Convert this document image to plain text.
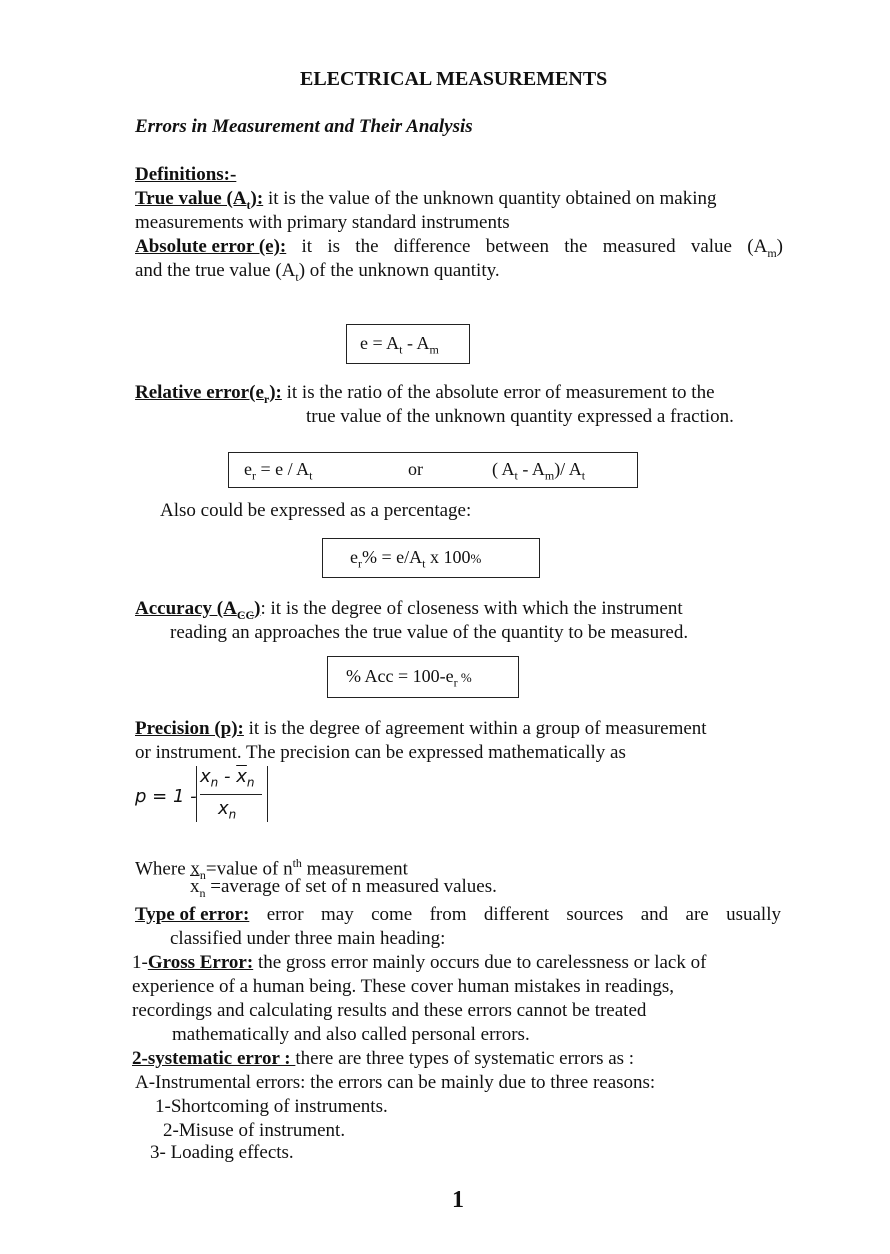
ELECTRICAL MEASUREMENTS
Errors in Measurement and Their Analysis
Definitions:-
True value $(A_t)$: it is the value of the unknown quantity obtained on making
measurements with primary standard instruments
Absolute error (e): it is the difference between the measured value $(A_m)$
and the true value $(A_t)$ of the unknown quantity.
$e = A_t - A_m$
Relative $error(e_r)$: it is the ratio of the absolute error of measurement to the
true value of the unknown quantity expressed a fraction.
$e_r = e / A_t$	or	( $A_t - A_m)/$ $A_t$
Also could be expressed as a percentage:
$e_r\% = e/A_t$ x 100%
Accuracy $(A_{CC})$: it is the degree of closeness with which the instrument
reading an approaches the true value of the quantity to be measured.
% Acc = $100-e_r$ %
Precision (p): it is the degree of agreement within a group of measurement
or instrument. The precision can be expressed mathematically as
p = 1 -
$x_n - \overline{x}_n$
$x_n$
Where $x_n=value$ of $n^{th}$ measurement
$\overline{x}_n$ =average of set of n measured values.
Type of error: error may come from different sources and are usually
classified under three main heading:
1-Gross Error: the gross error mainly occurs due to carelessness or lack of
experience of a human being. These cover human mistakes in readings,
recordings and calculating results and these errors cannot be treated
mathematically and also called personal errors.
2-systematic error : there are three types of systematic errors as :
A-Instrumental errors: the errors can be mainly due to three reasons:
1-Shortcoming of instruments.
2-Misuse of instrument.
3- Loading effects.
1
